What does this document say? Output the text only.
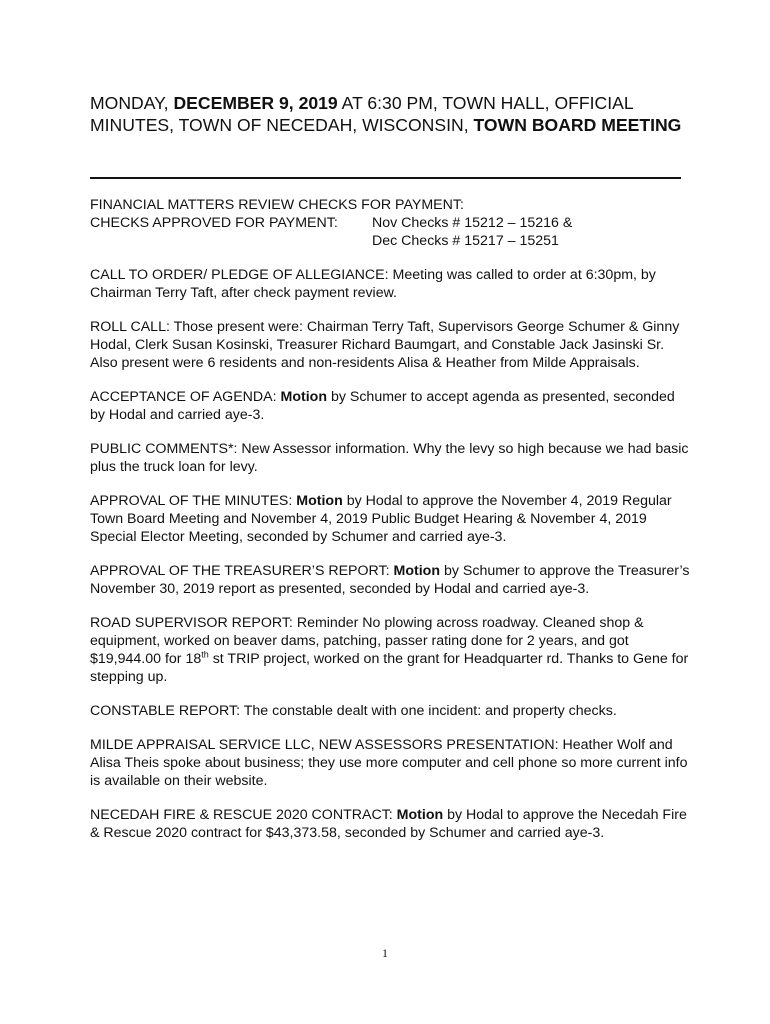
MONDAY, DECEMBER 9, 2019 AT 6:30 PM, TOWN HALL, OFFICIAL MINUTES, TOWN OF NECEDAH, WISCONSIN, TOWN BOARD MEETING

FINANCIAL MATTERS REVIEW CHECKS FOR PAYMENT:

CHECKS APPROVED FOR PAYMENT:	Nov Checks # 15212 – 15216 &
Dec Checks # 15217 – 15251

CALL TO ORDER/ PLEDGE OF ALLEGIANCE: Meeting was called to order at 6:30pm, by Chairman Terry Taft, after check payment review.

ROLL CALL: Those present were: Chairman Terry Taft, Supervisors George Schumer & Ginny Hodal, Clerk Susan Kosinski, Treasurer Richard Baumgart, and Constable Jack Jasinski Sr. Also present were 6 residents and non-residents Alisa & Heather from Milde Appraisals.

ACCEPTANCE OF AGENDA: Motion by Schumer to accept agenda as presented, seconded by Hodal and carried aye-3.

PUBLIC COMMENTS*: New Assessor information. Why the levy so high because we had basic plus the truck loan for levy.

APPROVAL OF THE MINUTES: Motion by Hodal to approve the November 4, 2019 Regular Town Board Meeting and November 4, 2019 Public Budget Hearing & November 4, 2019 Special Elector Meeting, seconded by Schumer and carried aye-3.

APPROVAL OF THE TREASURER’S REPORT: Motion by Schumer to approve the Treasurer’s November 30, 2019 report as presented, seconded by Hodal and carried aye-3.

ROAD SUPERVISOR REPORT: Reminder No plowing across roadway. Cleaned shop & equipment, worked on beaver dams, patching, passer rating done for 2 years, and got $19,944.00 for 18th st TRIP project, worked on the grant for Headquarter rd. Thanks to Gene for stepping up.

CONSTABLE REPORT: The constable dealt with one incident: and property checks.

MILDE APPRAISAL SERVICE LLC, NEW ASSESSORS PRESENTATION: Heather Wolf and Alisa Theis spoke about business; they use more computer and cell phone so more current info is available on their website.

NECEDAH FIRE & RESCUE 2020 CONTRACT: Motion by Hodal to approve the Necedah Fire & Rescue 2020 contract for $43,373.58, seconded by Schumer and carried aye-3.

1
